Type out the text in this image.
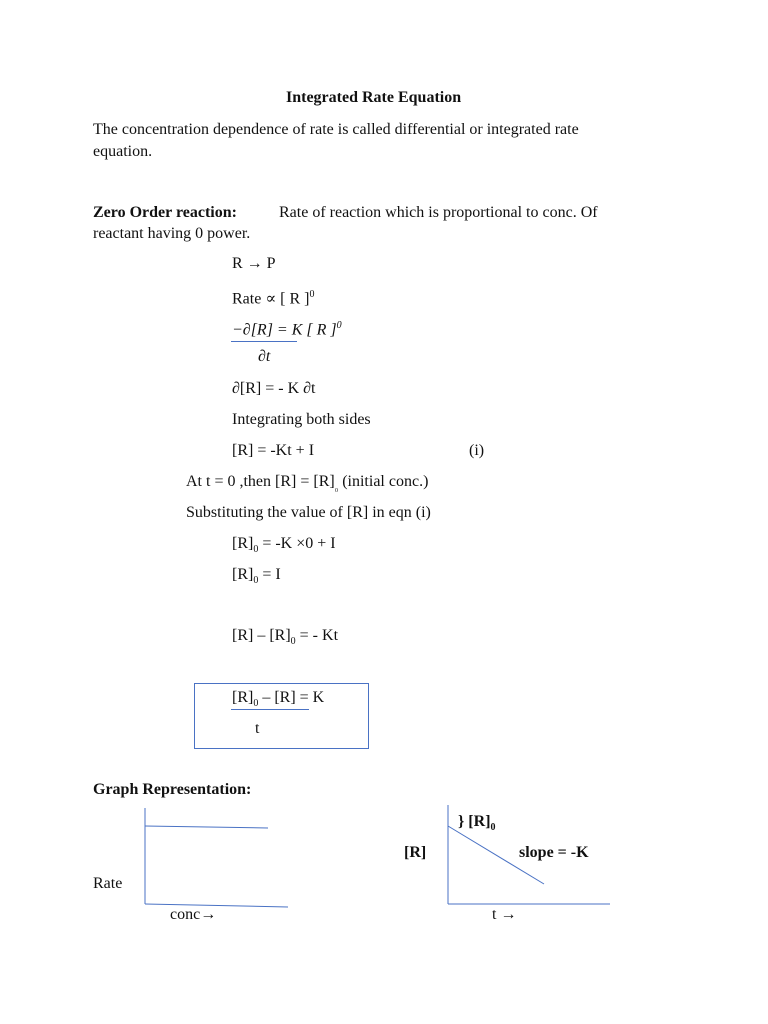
Integrated Rate Equation
The concentration dependence of rate is called differential or integrated rate
equation.
Zero Order reaction:	Rate of reaction which is proportional to conc. Of
reactant having 0 power.
R → P
Rate ∝ [ R ]$^0$
−∂[R] = K [ R ]$^0$
∂t
∂[R] = - K ∂t
Integrating both sides
[R] = -Kt + I	(i)
At t = 0 ,then $[R] = [R]_{_0}$ (initial conc.)
Substituting the value of [R] in eqn (i)
$[R]_0 = -K \times 0 + I$
$[R]_0 = I$
$[R] - [R]_0$ = - Kt
$[R]_0 - [R] = K$
t
Graph Representation:
Rate
conc→
} $[R]_0$
[R]	slope = -K
t →
